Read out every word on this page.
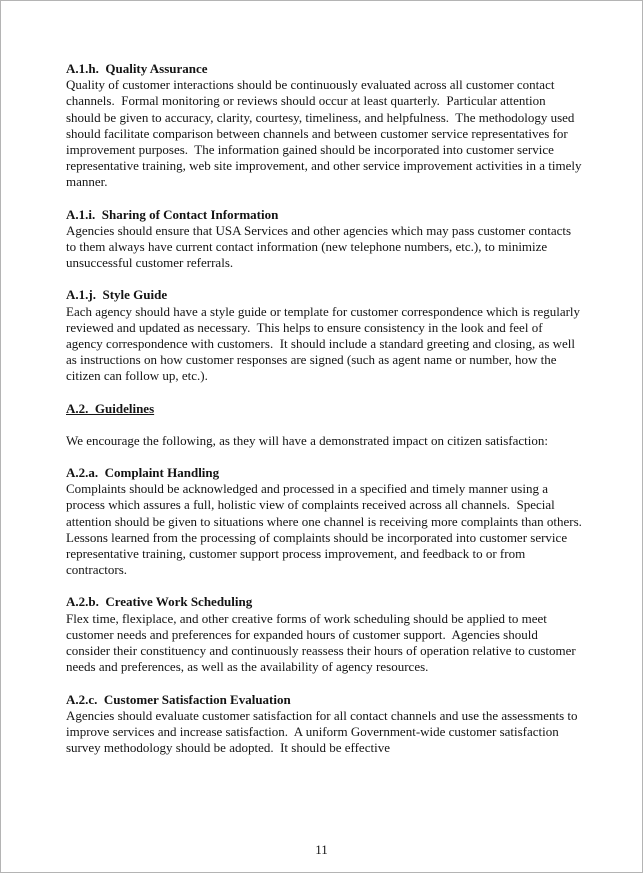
A.1.h.  Quality Assurance

Quality of customer interactions should be continuously evaluated across all customer contact channels.  Formal monitoring or reviews should occur at least quarterly.  Particular attention should be given to accuracy, clarity, courtesy, timeliness, and helpfulness.  The methodology used should facilitate comparison between channels and between customer service representatives for improvement purposes.  The information gained should be incorporated into customer service representative training, web site improvement, and other service improvement activities in a timely manner.

A.1.i.  Sharing of Contact Information

Agencies should ensure that USA Services and other agencies which may pass customer contacts to them always have current contact information (new telephone numbers, etc.), to minimize unsuccessful customer referrals.

A.1.j.  Style Guide

Each agency should have a style guide or template for customer correspondence which is regularly reviewed and updated as necessary.  This helps to ensure consistency in the look and feel of agency correspondence with customers.  It should include a standard greeting and closing, as well as instructions on how customer responses are signed (such as agent name or number, how the citizen can follow up, etc.).

A.2.  Guidelines

We encourage the following, as they will have a demonstrated impact on citizen satisfaction:

A.2.a.  Complaint Handling

Complaints should be acknowledged and processed in a specified and timely manner using a process which assures a full, holistic view of complaints received across all channels.  Special attention should be given to situations where one channel is receiving more complaints than others.  Lessons learned from the processing of complaints should be incorporated into customer service representative training, customer support process improvement, and feedback to or from contractors.

A.2.b.  Creative Work Scheduling

Flex time, flexiplace, and other creative forms of work scheduling should be applied to meet customer needs and preferences for expanded hours of customer support.  Agencies should consider their constituency and continuously reassess their hours of operation relative to customer needs and preferences, as well as the availability of agency resources.

A.2.c.  Customer Satisfaction Evaluation

Agencies should evaluate customer satisfaction for all contact channels and use the assessments to improve services and increase satisfaction.  A uniform Government-wide customer satisfaction survey methodology should be adopted.  It should be effective

11
